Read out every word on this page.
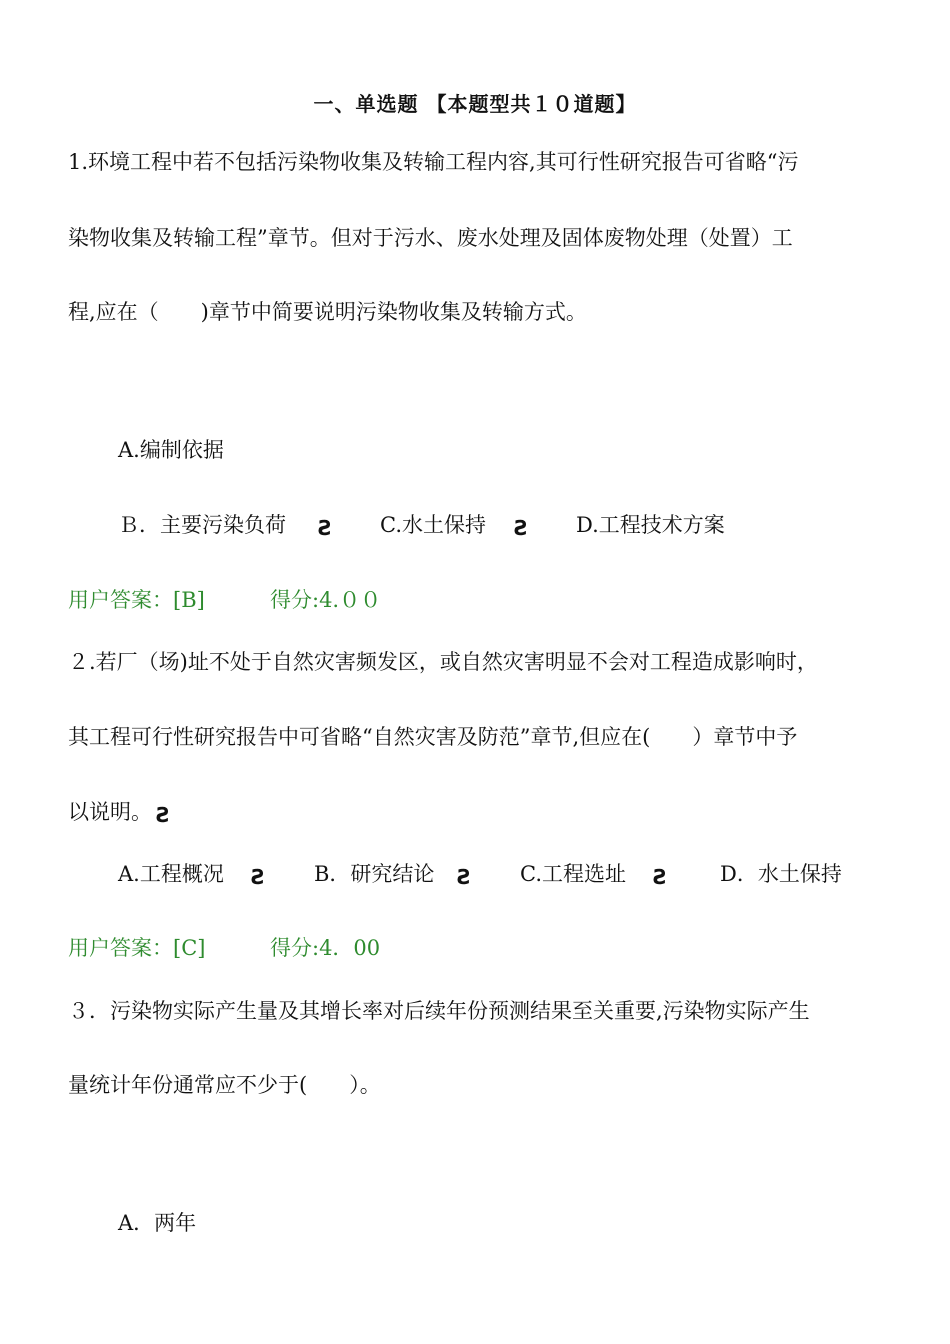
一、单选题 【本题型共１０道题】
1.环境工程中若不包括污染物收集及转输工程内容,其可行性研究报告可省略“污
染物收集及转输工程”章节。但对于污水、废水处理及固体废物处理（处置）工
程,应在（　　)章节中简要说明污染物收集及转输方式。
A.编制依据
Ｂ．主要污染负荷 Ꙅ C.水土保持 Ꙅ D.工程技术方案
用户答案：[B]	得分:4.００
２.若厂（场)址不处于自然灾害频发区，或自然灾害明显不会对工程造成影响时，
其工程可行性研究报告中可省略“自然灾害及防范”章节,但应在(　　）章节中予
以说明。 Ꙅ
A.工程概况 Ꙅ B．研究结论 Ꙅ C.工程选址 Ꙅ	D．水土保持
用户答案：[C]	得分:4．00
３．污染物实际产生量及其增长率对后续年份预测结果至关重要,污染物实际产生
量统计年份通常应不少于(　　）。
A．两年
